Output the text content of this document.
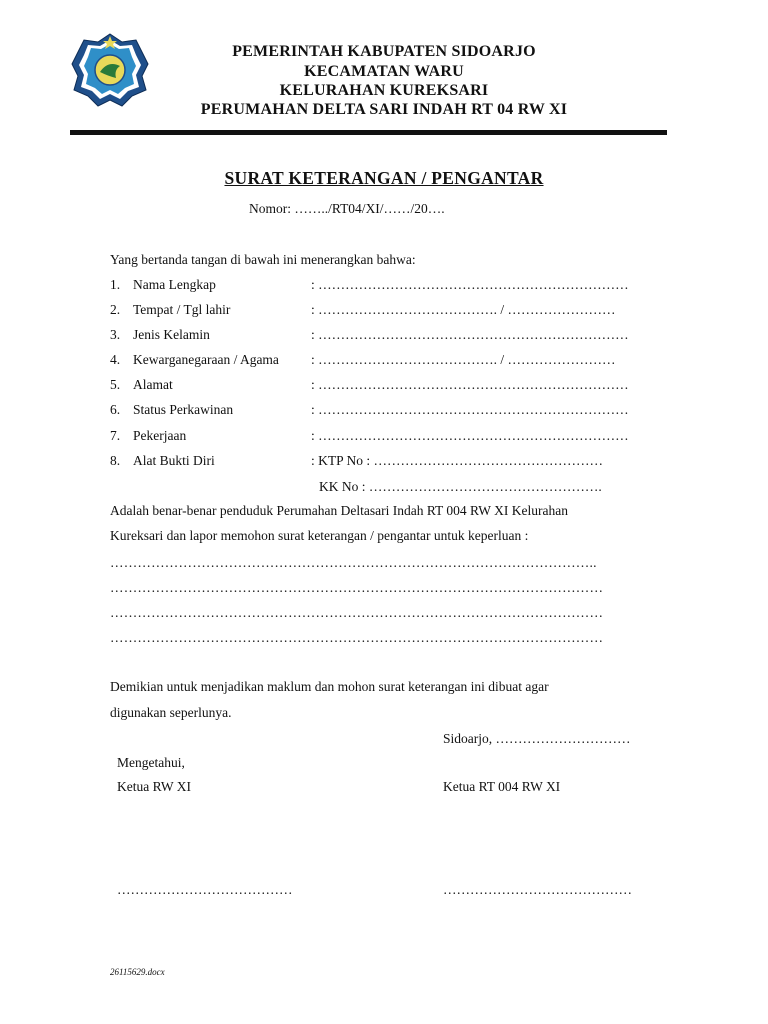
PEMERINTAH KABUPATEN SIDOARJO
KECAMATAN WARU
KELURAHAN KUREKSARI
PERUMAHAN DELTA SARI INDAH RT 04 RW XI
SURAT KETERANGAN / PENGANTAR
Nomor: ……../RT04/XI/……/20….
Yang bertanda tangan di bawah ini menerangkan bahwa:
1. Nama Lengkap	: ……………………………………………………………
2. Tempat / Tgl lahir	: …………………………………. / ……………………
3. Jenis Kelamin	: ……………………………………………………………
4. Kewarganegaraan / Agama : …………………………………. / ……………………
5. Alamat	: ……………………………………………………………
6. Status Perkawinan	: ……………………………………………………………
7. Pekerjaan	: ……………………………………………………………
8. Alat Bukti Diri	: KTP No : ……………………………………………
KK No : …………………………………………….
Adalah benar-benar penduduk Perumahan Deltasari Indah RT 004 RW XI Kelurahan
Kureksari dan lapor memohon surat keterangan / pengantar untuk keperluan :
……………………………………………………………………………………………..
………………………………………………………………………………………………
………………………………………………………………………………………………
………………………………………………………………………………………………
Demikian untuk menjadikan maklum dan mohon surat keterangan ini dibuat agar
digunakan seperlunya.
Sidoarjo, …………………………
Mengetahui,
Ketua RW XI	Ketua RT 004 RW XI
…………………………………	……………………………………
26115629.docx
